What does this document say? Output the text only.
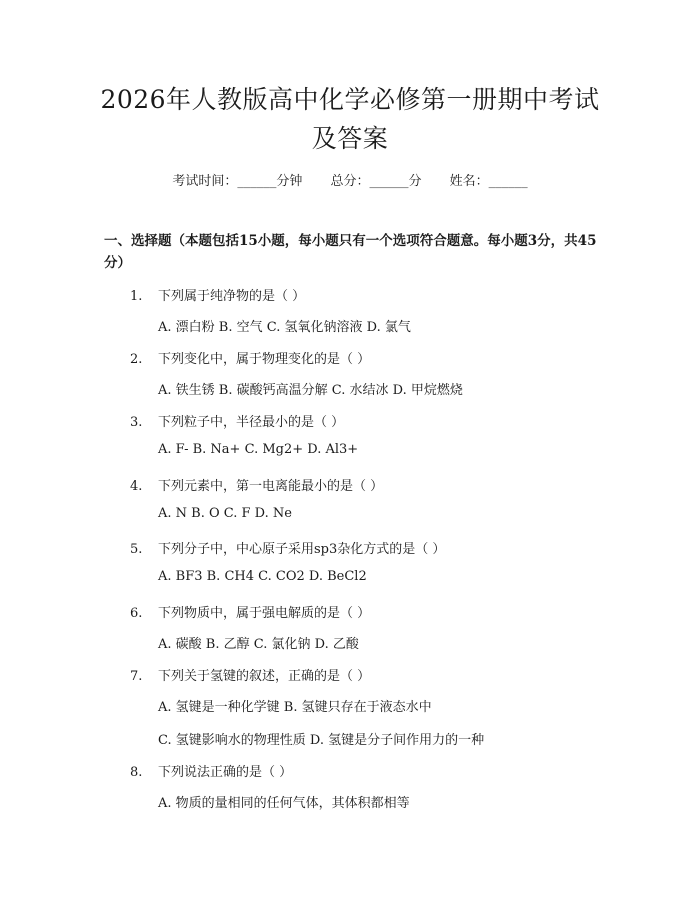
2026年人教版高中化学必修第一册期中考试及答案
考试时间：______分钟 总分：______分 姓名：______
一、选择题（本题包括15小题，每小题只有一个选项符合题意。每小题3分，共45分）
1. 下列属于纯净物的是（ ）
A. 漂白粉 B. 空气 C. 氢氧化钠溶液 D. 氯气
2. 下列变化中，属于物理变化的是（ ）
A. 铁生锈 B. 碳酸钙高温分解 C. 水结冰 D. 甲烷燃烧
3. 下列粒子中，半径最小的是（ ）
A. F- B. Na+ C. Mg2+ D. Al3+
4. 下列元素中，第一电离能最小的是（ ）
A. N B. O C. F D. Ne
5. 下列分子中，中心原子采用sp3杂化方式的是（ ）
A. BF3 B. CH4 C. CO2 D. BeCl2
6. 下列物质中，属于强电解质的是（ ）
A. 碳酸 B. 乙醇 C. 氯化钠 D. 乙酸
7. 下列关于氢键的叙述，正确的是（ ）
A. 氢键是一种化学键 B. 氢键只存在于液态水中
C. 氢键影响水的物理性质 D. 氢键是分子间作用力的一种
8. 下列说法正确的是（ ）
A. 物质的量相同的任何气体，其体积都相等
